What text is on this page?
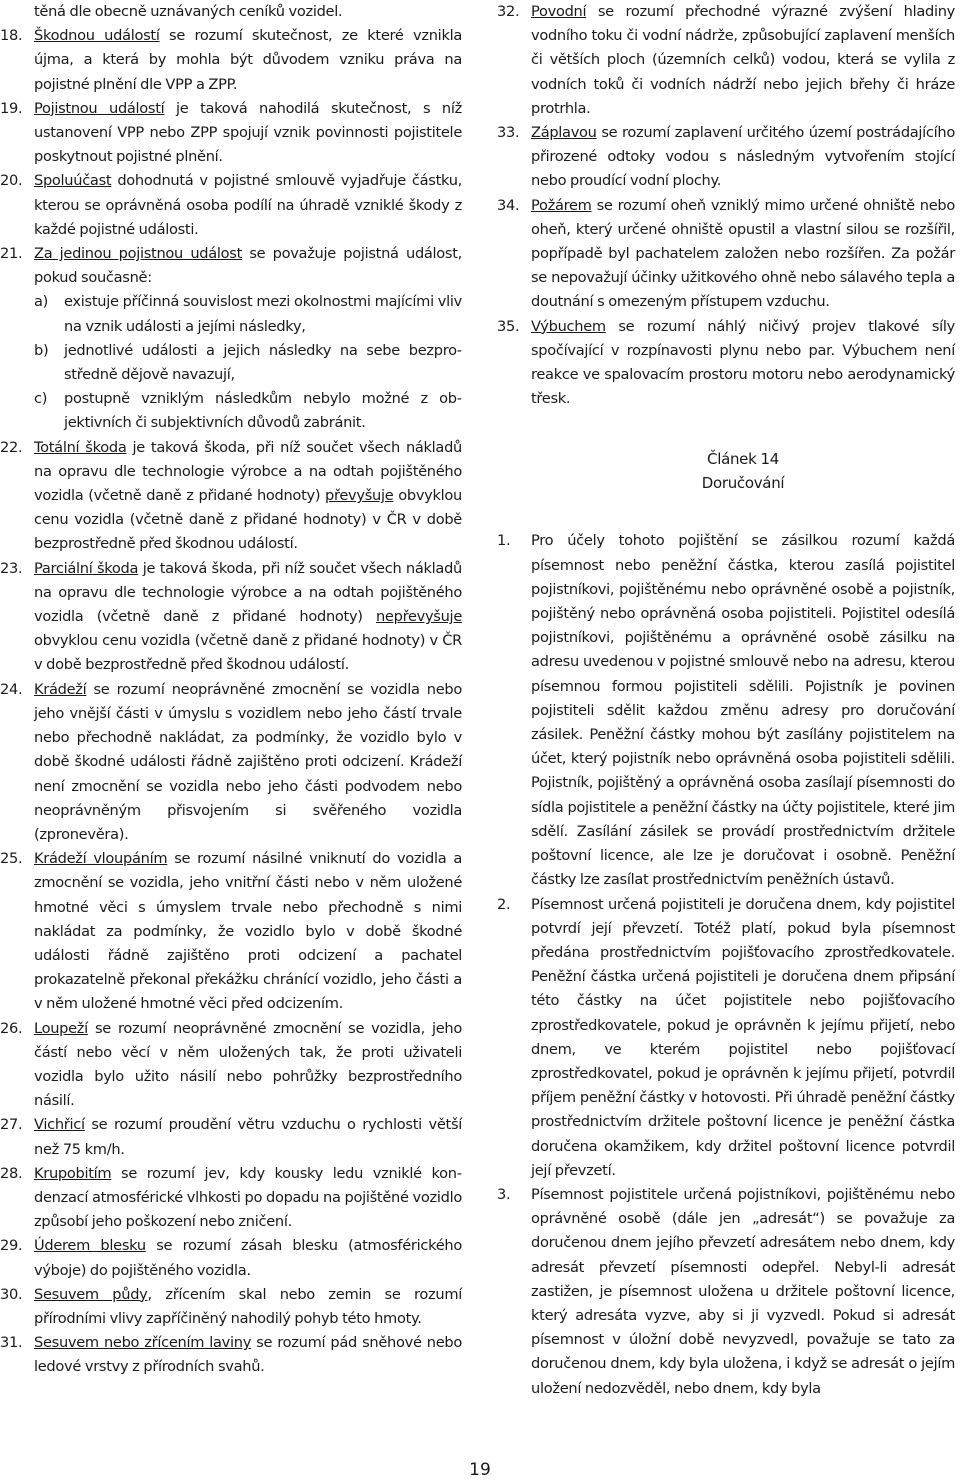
těná dle obecně uznávaných ceníků vozidel.
18. Škodnou událostí se rozumí skutečnost, ze které vznikla újma, a která by mohla být důvodem vzniku práva na pojistné plnění dle VPP a ZPP.
19. Pojistnou událostí je taková nahodilá skutečnost, s níž ustanovení VPP nebo ZPP spojují vznik povinnosti pojistitele poskytnout pojistné plnění.
20. Spoluúčast dohodnutá v pojistné smlouvě vyjadřuje částku, kterou se oprávněná osoba podílí na úhradě vzniklé škody z každé pojistné události.
21. Za jedinou pojistnou událost se považuje pojistná událost, pokud současně:
a)	existuje příčinná souvislost mezi okolnostmi majícími vliv na vznik události a jejími následky,
b)	jednotlivé události a jejich následky na sebe bezprostředně dějově navazují,
c)	postupně vzniklým následkům nebylo možné z objektivních či subjektivních důvodů zabránit.
22. Totální škoda je taková škoda, při níž součet všech nákladů na opravu dle technologie výrobce a na odtah pojištěného vozidla (včetně daně z přidané hodnoty) převyšuje obvyklou cenu vozidla (včetně daně z přidané hodnoty) v ČR v době bezprostředně před škodnou událostí.
23. Parciální škoda je taková škoda, při níž součet všech nákladů na opravu dle technologie výrobce a na odtah pojištěného vozidla (včetně daně z přidané hodnoty) nepřevyšuje obvyklou cenu vozidla (včetně daně z přidané hodnoty) v ČR v době bezprostředně před škodnou událostí.
24. Krádeží se rozumí neoprávněné zmocnění se vozidla nebo jeho vnější části v úmyslu s vozidlem nebo jeho částí trvale nebo přechodně nakládat, za podmínky, že vozidlo bylo v době škodné události řádně zajištěno proti odcizení. Krádeží není zmocnění se vozidla nebo jeho části podvodem nebo neoprávněným přisvojením si svěřeného vozidla (zpronevěra).
25. Krádeží vloupáním se rozumí násilné vniknutí do vozidla a zmocnění se vozidla, jeho vnitřní části nebo v něm uložené hmotné věci s úmyslem trvale nebo přechodně s nimi nakládat za podmínky, že vozidlo bylo v době škodné události řádně zajištěno proti odcizení a pachatel prokazatelně překonal překážku chránící vozidlo, jeho části a v něm uložené hmotné věci před odcizením.
26. Loupeží se rozumí neoprávněné zmocnění se vozidla, jeho částí nebo věcí v něm uložených tak, že proti uživateli vozidla bylo užito násilí nebo pohrůžky bezprostředního násilí.
27. Vichřicí se rozumí proudění větru vzduchu o rychlosti větší než 75 km/h.
28. Krupobitím se rozumí jev, kdy kousky ledu vzniklé kondenzací atmosférické vlhkosti po dopadu na pojištěné vozidlo způsobí jeho poškození nebo zničení.
29. Úderem blesku se rozumí zásah blesku (atmosférického výboje) do pojištěného vozidla.
30. Sesuvem půdy, zřícením skal nebo zemin se rozumí přírodními vlivy zapříčiněný nahodilý pohyb této hmoty.
31. Sesuvem nebo zřícením laviny se rozumí pád sněhové nebo ledové vrstvy z přírodních svahů.
32. Povodní se rozumí přechodné výrazné zvýšení hladiny vodního toku či vodní nádrže, způsobující zaplavení menších či větších ploch (územních celků) vodou, která se vylila z vodních toků či vodních nádrží nebo jejich břehy či hráze protrhla.
33. Záplavou se rozumí zaplavení určitého území postrádаjícího přirozené odtoky vodou s následným vytvořením stojící nebo proudící vodní plochy.
34. Požárem se rozumí oheň vzniklý mimo určené ohniště nebo oheň, který určené ohniště opustil a vlastní silou se rozšířil, popřípadě byl pachatelem založen nebo rozšířen. Za požár se nepovažují účinky užitkového ohně nebo sálavého tepla a doutnání s omezeným přístupem vzduchu.
35. Výbuchem se rozumí náhlý ničivý projev tlakové síly spočívající v rozpínavosti plynu nebo par. Výbuchem není reakce ve spalovacím prostoru motoru nebo aerodynamický třesk.
Článek 14
Doručování
1.	Pro účely tohoto pojištění se zásilkou rozumí každá písemnost nebo peněžní částka, kterou zasílá pojistitel pojistníkovi, pojištěnému nebo oprávněné osobě a pojistník, pojištěný nebo oprávněná osoba pojistiteli. Pojistitel odesílá pojistníkovi, pojištěnému a oprávněné osobě zásilku na adresu uvedenou v pojistné smlouvě nebo na adresu, kterou písemnou formou pojistiteli sdělili. Pojistník je povinen pojistiteli sdělit každou změnu adresy pro doručování zásilek. Peněžní částky mohou být zasílány pojistitelem na účet, který pojistník nebo oprávněná osoba pojistiteli sdělili. Pojistník, pojištěný a oprávněná osoba zasílají písemnosti do sídla pojistitele a peněžní částky na účty pojistitele, které jim sdělí. Zasílání zásilek se provádí prostřednictvím držitele poštovní licence, ale lze je doručovat i osobně. Peněžní částky lze zasílat prostřednictvím peněžních ústavů.
2.	Písemnost určená pojistiteli je doručena dnem, kdy pojistitel potvrdí její převzetí. Totéž platí, pokud byla písemnost předána prostřednictvím pojišťovacího zprostředkovatele. Peněžní částka určená pojistiteli je doručena dnem připsání této částky na účet pojistitele nebo pojišťovacího zprostředkovatele, pokud je oprávněn k jejímu přijetí, nebo dnem, ve kterém pojistitel nebo pojišťovací zprostředkovatel, pokud je oprávněn k jejímu přijetí, potvrdil příjem peněžní částky v hotovosti. Při úhradě peněžní částky prostřednictvím držitele poštovní licence je peněžní částka doručena okamžikem, kdy držitel poštovní licence potvrdil její převzetí.
3.	Písemnost pojistitele určená pojistníkovi, pojištěnému nebo oprávněné osobě (dále jen „adresát“) se považuje za doručenou dnem jejího převzetí adresátem nebo dnem, kdy adresát převzetí písemnosti odepřel. Nebyl-li adresát zastižen, je písemnost uložena u držitele poštovní licence, který adresáta vyzve, aby si ji vyzvedl. Pokud si adresát písemnost v úložní době nevyzvedl, považuje se tato za doručenou dnem, kdy byla uložena, i když se adresát o jejím uložení nedozvěděl, nebo dnem, kdy byla
19
